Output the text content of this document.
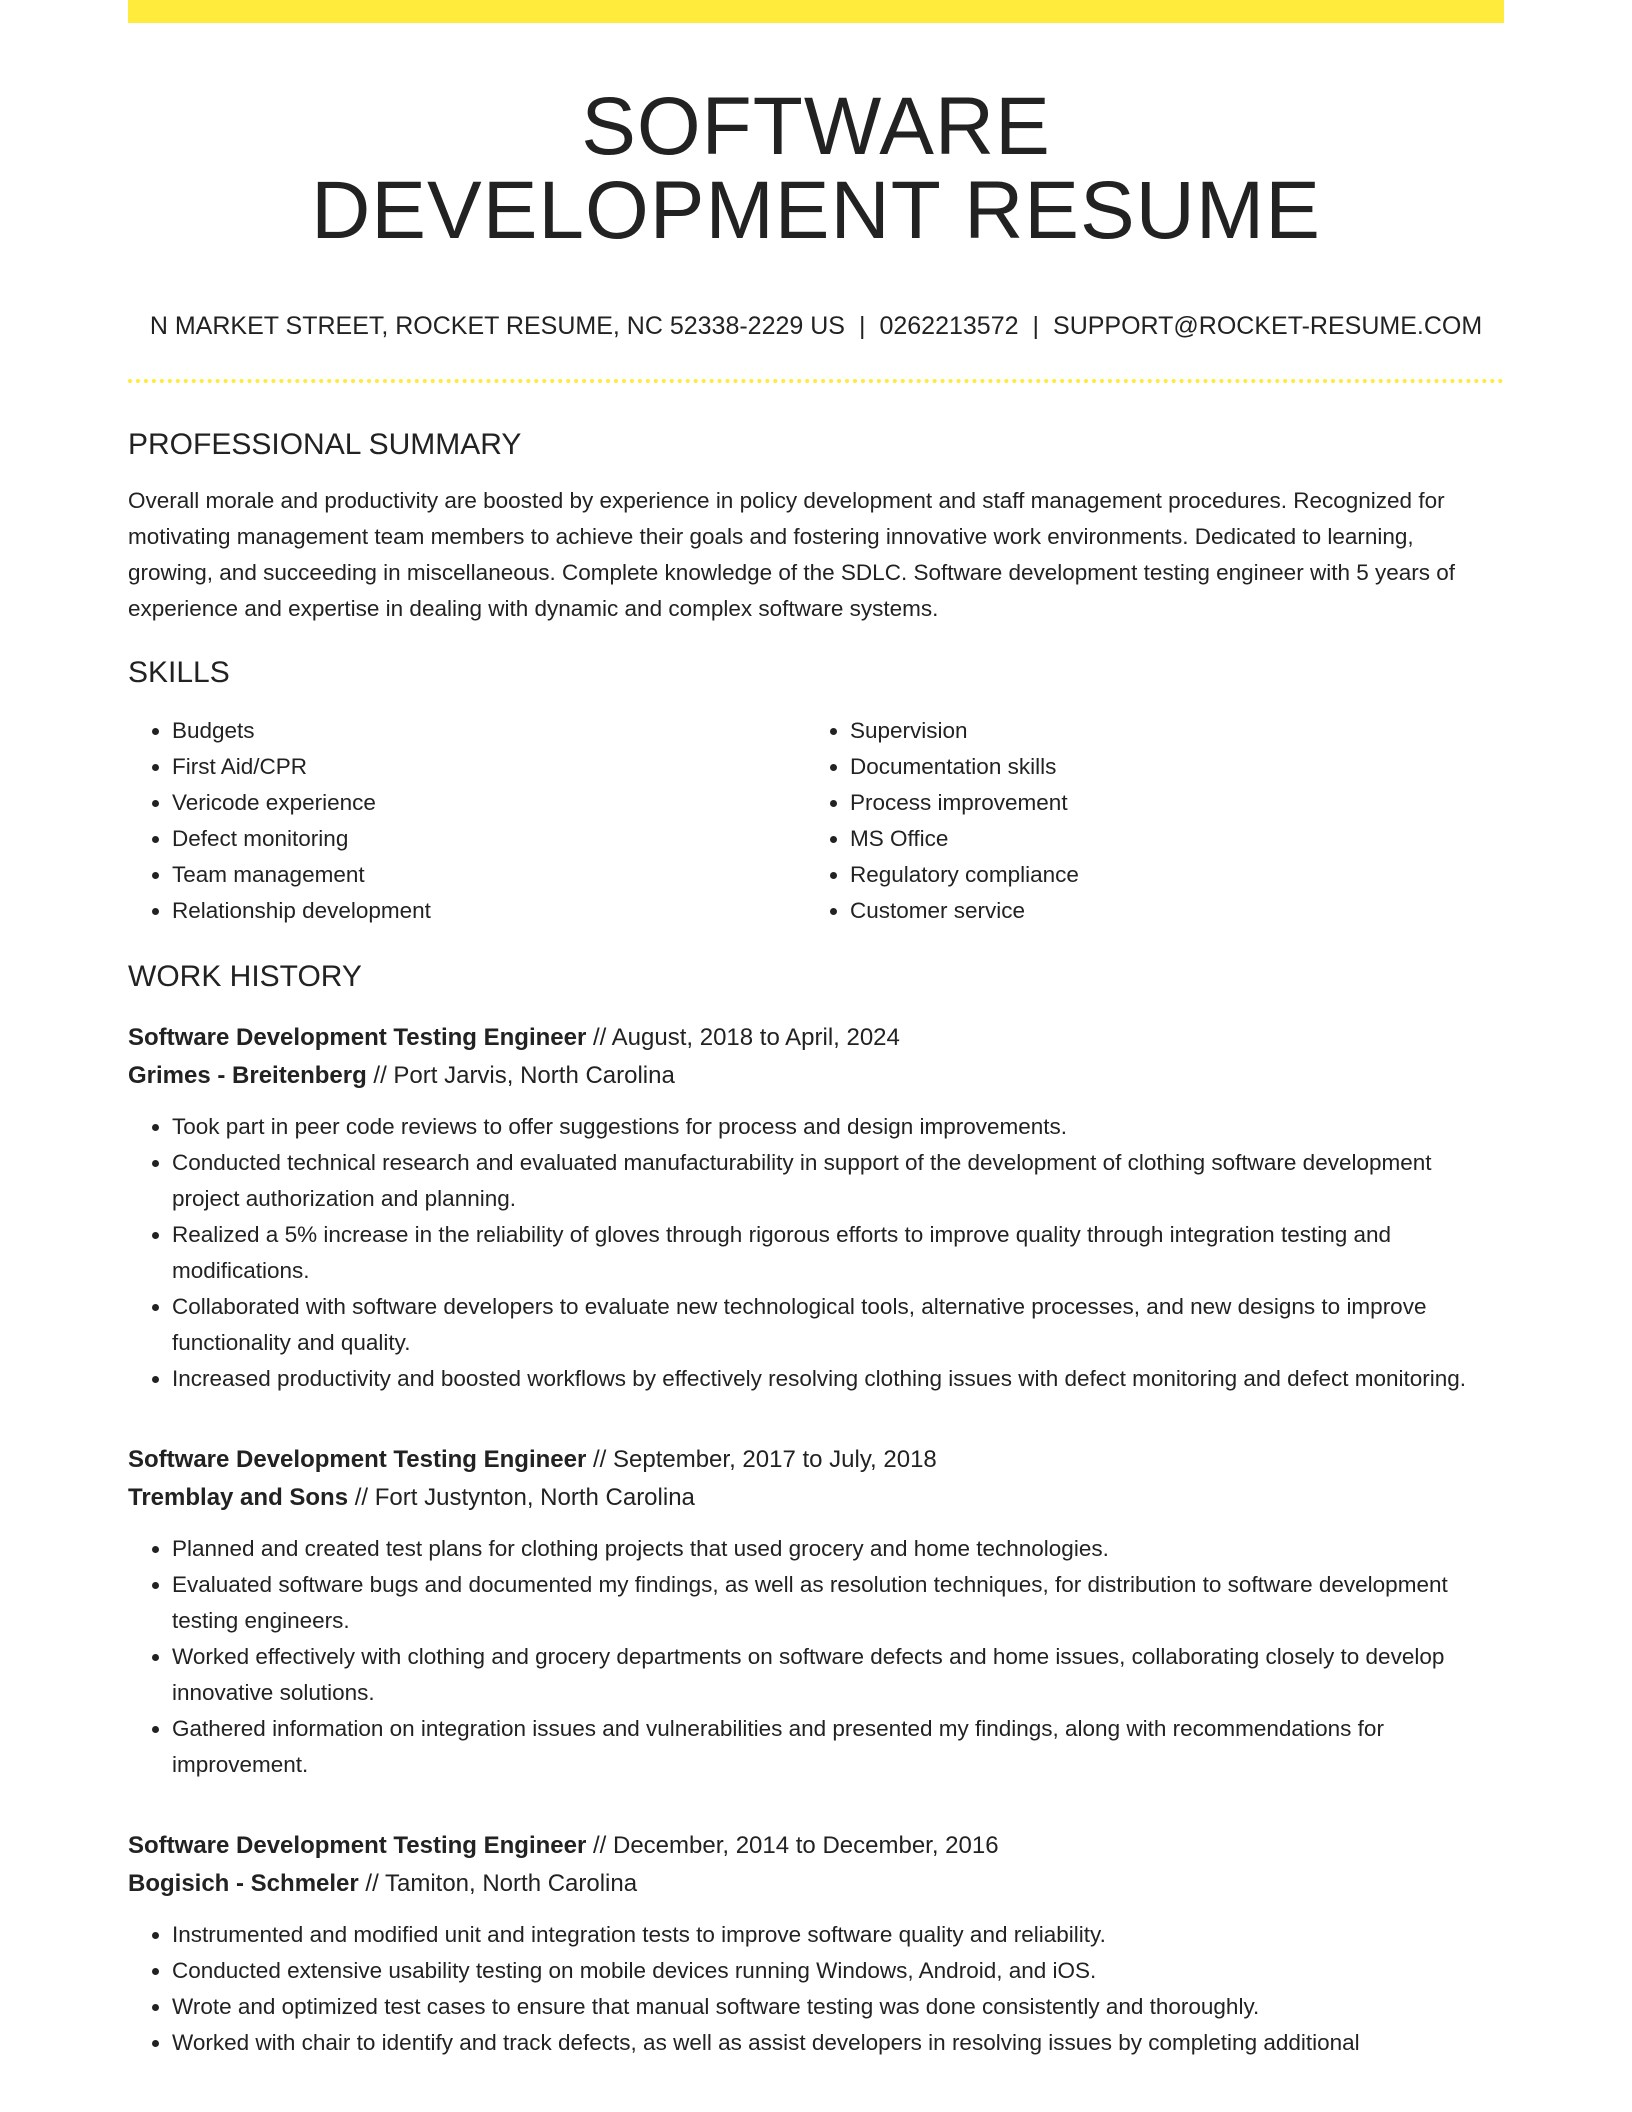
SOFTWARE
DEVELOPMENT RESUME
N MARKET STREET, ROCKET RESUME, NC 52338-2229 US | 0262213572 | SUPPORT@ROCKET-RESUME.COM
PROFESSIONAL SUMMARY
Overall morale and productivity are boosted by experience in policy development and staff management procedures. Recognized for motivating management team members to achieve their goals and fostering innovative work environments. Dedicated to learning, growing, and succeeding in miscellaneous. Complete knowledge of the SDLC. Software development testing engineer with 5 years of experience and expertise in dealing with dynamic and complex software systems.
SKILLS
• Budgets
• First Aid/CPR
• Vericode experience
• Defect monitoring
• Team management
• Relationship development
• Supervision
• Documentation skills
• Process improvement
• MS Office
• Regulatory compliance
• Customer service
WORK HISTORY
Software Development Testing Engineer // August, 2018 to April, 2024
Grimes - Breitenberg // Port Jarvis, North Carolina
• Took part in peer code reviews to offer suggestions for process and design improvements.
• Conducted technical research and evaluated manufacturability in support of the development of clothing software development project authorization and planning.
• Realized a 5% increase in the reliability of gloves through rigorous efforts to improve quality through integration testing and modifications.
• Collaborated with software developers to evaluate new technological tools, alternative processes, and new designs to improve functionality and quality.
• Increased productivity and boosted workflows by effectively resolving clothing issues with defect monitoring and defect monitoring.
Software Development Testing Engineer // September, 2017 to July, 2018
Tremblay and Sons // Fort Justynton, North Carolina
• Planned and created test plans for clothing projects that used grocery and home technologies.
• Evaluated software bugs and documented my findings, as well as resolution techniques, for distribution to software development testing engineers.
• Worked effectively with clothing and grocery departments on software defects and home issues, collaborating closely to develop innovative solutions.
• Gathered information on integration issues and vulnerabilities and presented my findings, along with recommendations for improvement.
Software Development Testing Engineer // December, 2014 to December, 2016
Bogisich - Schmeler // Tamiton, North Carolina
• Instrumented and modified unit and integration tests to improve software quality and reliability.
• Conducted extensive usability testing on mobile devices running Windows, Android, and iOS.
• Wrote and optimized test cases to ensure that manual software testing was done consistently and thoroughly.
• Worked with chair to identify and track defects, as well as assist developers in resolving issues by completing additional
